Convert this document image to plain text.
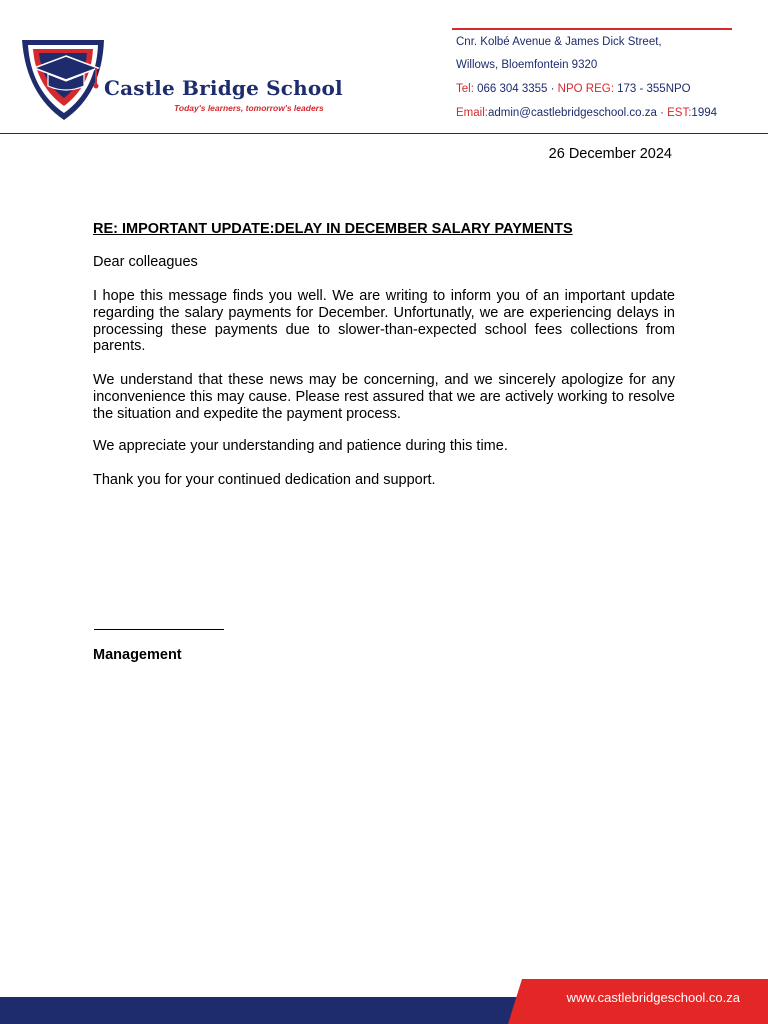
Castle Bridge School
Today's learners, tomorrow's leaders
Cnr. Kolbé Avenue & James Dick Street,
Willows, Bloemfontein 9320
Tel: 066 304 3355 · NPO REG: 173 - 355NPO
Email:admin@castlebridgeschool.co.za · EST:1994
26 December 2024
RE: IMPORTANT UPDATE:DELAY IN DECEMBER SALARY PAYMENTS

Dear colleagues

I hope this message finds you well. We are writing to inform you of an important update regarding the salary payments for December. Unfortunatly, we are experiencing delays in processing these payments due to slower-than-expected school fees collections from parents.

We understand that these news may be concerning, and we sincerely apologize for any inconvenience this may cause. Please rest assured that we are actively working to resolve the situation and expedite the payment process.

We appreciate your understanding and patience during this time.

Thank you for your continued dedication and support.

Management
www.castlebridgeschool.co.za
